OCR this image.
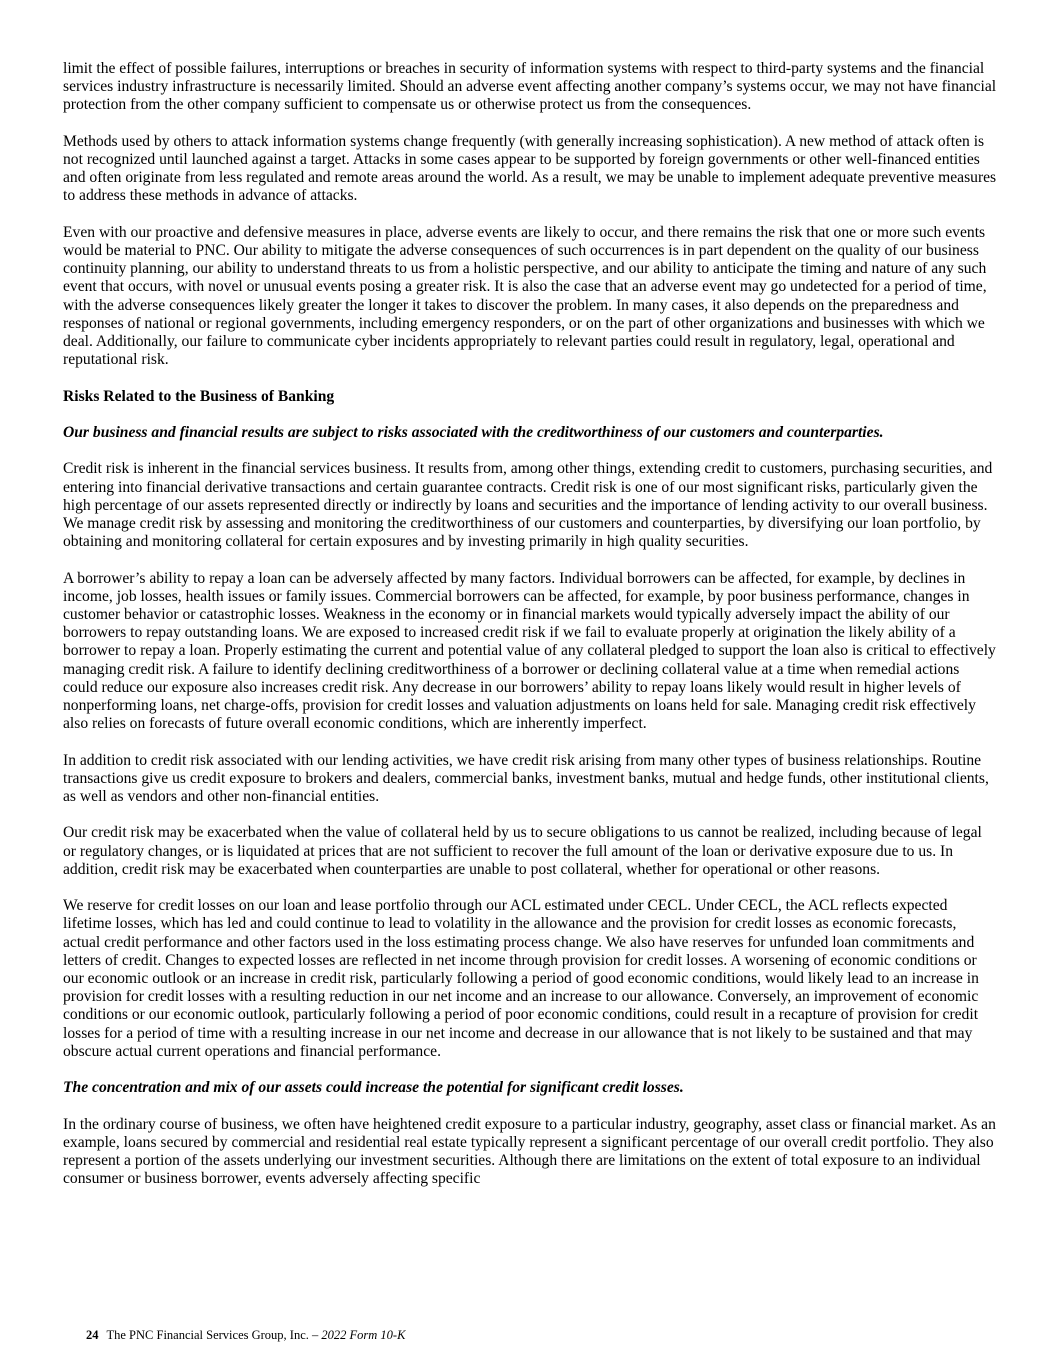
limit the effect of possible failures, interruptions or breaches in security of information systems with respect to third-party systems and the financial services industry infrastructure is necessarily limited. Should an adverse event affecting another company’s systems occur, we may not have financial protection from the other company sufficient to compensate us or otherwise protect us from the consequences.

Methods used by others to attack information systems change frequently (with generally increasing sophistication). A new method of attack often is not recognized until launched against a target. Attacks in some cases appear to be supported by foreign governments or other well-financed entities and often originate from less regulated and remote areas around the world. As a result, we may be unable to implement adequate preventive measures to address these methods in advance of attacks.

Even with our proactive and defensive measures in place, adverse events are likely to occur, and there remains the risk that one or more such events would be material to PNC. Our ability to mitigate the adverse consequences of such occurrences is in part dependent on the quality of our business continuity planning, our ability to understand threats to us from a holistic perspective, and our ability to anticipate the timing and nature of any such event that occurs, with novel or unusual events posing a greater risk. It is also the case that an adverse event may go undetected for a period of time, with the adverse consequences likely greater the longer it takes to discover the problem. In many cases, it also depends on the preparedness and responses of national or regional governments, including emergency responders, or on the part of other organizations and businesses with which we deal. Additionally, our failure to communicate cyber incidents appropriately to relevant parties could result in regulatory, legal, operational and reputational risk.

Risks Related to the Business of Banking

Our business and financial results are subject to risks associated with the creditworthiness of our customers and counterparties.

Credit risk is inherent in the financial services business. It results from, among other things, extending credit to customers, purchasing securities, and entering into financial derivative transactions and certain guarantee contracts. Credit risk is one of our most significant risks, particularly given the high percentage of our assets represented directly or indirectly by loans and securities and the importance of lending activity to our overall business. We manage credit risk by assessing and monitoring the creditworthiness of our customers and counterparties, by diversifying our loan portfolio, by obtaining and monitoring collateral for certain exposures and by investing primarily in high quality securities.

A borrower’s ability to repay a loan can be adversely affected by many factors. Individual borrowers can be affected, for example, by declines in income, job losses, health issues or family issues. Commercial borrowers can be affected, for example, by poor business performance, changes in customer behavior or catastrophic losses. Weakness in the economy or in financial markets would typically adversely impact the ability of our borrowers to repay outstanding loans. We are exposed to increased credit risk if we fail to evaluate properly at origination the likely ability of a borrower to repay a loan. Properly estimating the current and potential value of any collateral pledged to support the loan also is critical to effectively managing credit risk. A failure to identify declining creditworthiness of a borrower or declining collateral value at a time when remedial actions could reduce our exposure also increases credit risk. Any decrease in our borrowers’ ability to repay loans likely would result in higher levels of nonperforming loans, net charge-offs, provision for credit losses and valuation adjustments on loans held for sale. Managing credit risk effectively also relies on forecasts of future overall economic conditions, which are inherently imperfect.

In addition to credit risk associated with our lending activities, we have credit risk arising from many other types of business relationships. Routine transactions give us credit exposure to brokers and dealers, commercial banks, investment banks, mutual and hedge funds, other institutional clients, as well as vendors and other non-financial entities.

Our credit risk may be exacerbated when the value of collateral held by us to secure obligations to us cannot be realized, including because of legal or regulatory changes, or is liquidated at prices that are not sufficient to recover the full amount of the loan or derivative exposure due to us. In addition, credit risk may be exacerbated when counterparties are unable to post collateral, whether for operational or other reasons.

We reserve for credit losses on our loan and lease portfolio through our ACL estimated under CECL. Under CECL, the ACL reflects expected lifetime losses, which has led and could continue to lead to volatility in the allowance and the provision for credit losses as economic forecasts, actual credit performance and other factors used in the loss estimating process change. We also have reserves for unfunded loan commitments and letters of credit. Changes to expected losses are reflected in net income through provision for credit losses. A worsening of economic conditions or our economic outlook or an increase in credit risk, particularly following a period of good economic conditions, would likely lead to an increase in provision for credit losses with a resulting reduction in our net income and an increase to our allowance. Conversely, an improvement of economic conditions or our economic outlook, particularly following a period of poor economic conditions, could result in a recapture of provision for credit losses for a period of time with a resulting increase in our net income and decrease in our allowance that is not likely to be sustained and that may obscure actual current operations and financial performance.

The concentration and mix of our assets could increase the potential for significant credit losses.

In the ordinary course of business, we often have heightened credit exposure to a particular industry, geography, asset class or financial market. As an example, loans secured by commercial and residential real estate typically represent a significant percentage of our overall credit portfolio. They also represent a portion of the assets underlying our investment securities. Although there are limitations on the extent of total exposure to an individual consumer or business borrower, events adversely affecting specific

24 The PNC Financial Services Group, Inc. – 2022 Form 10-K
